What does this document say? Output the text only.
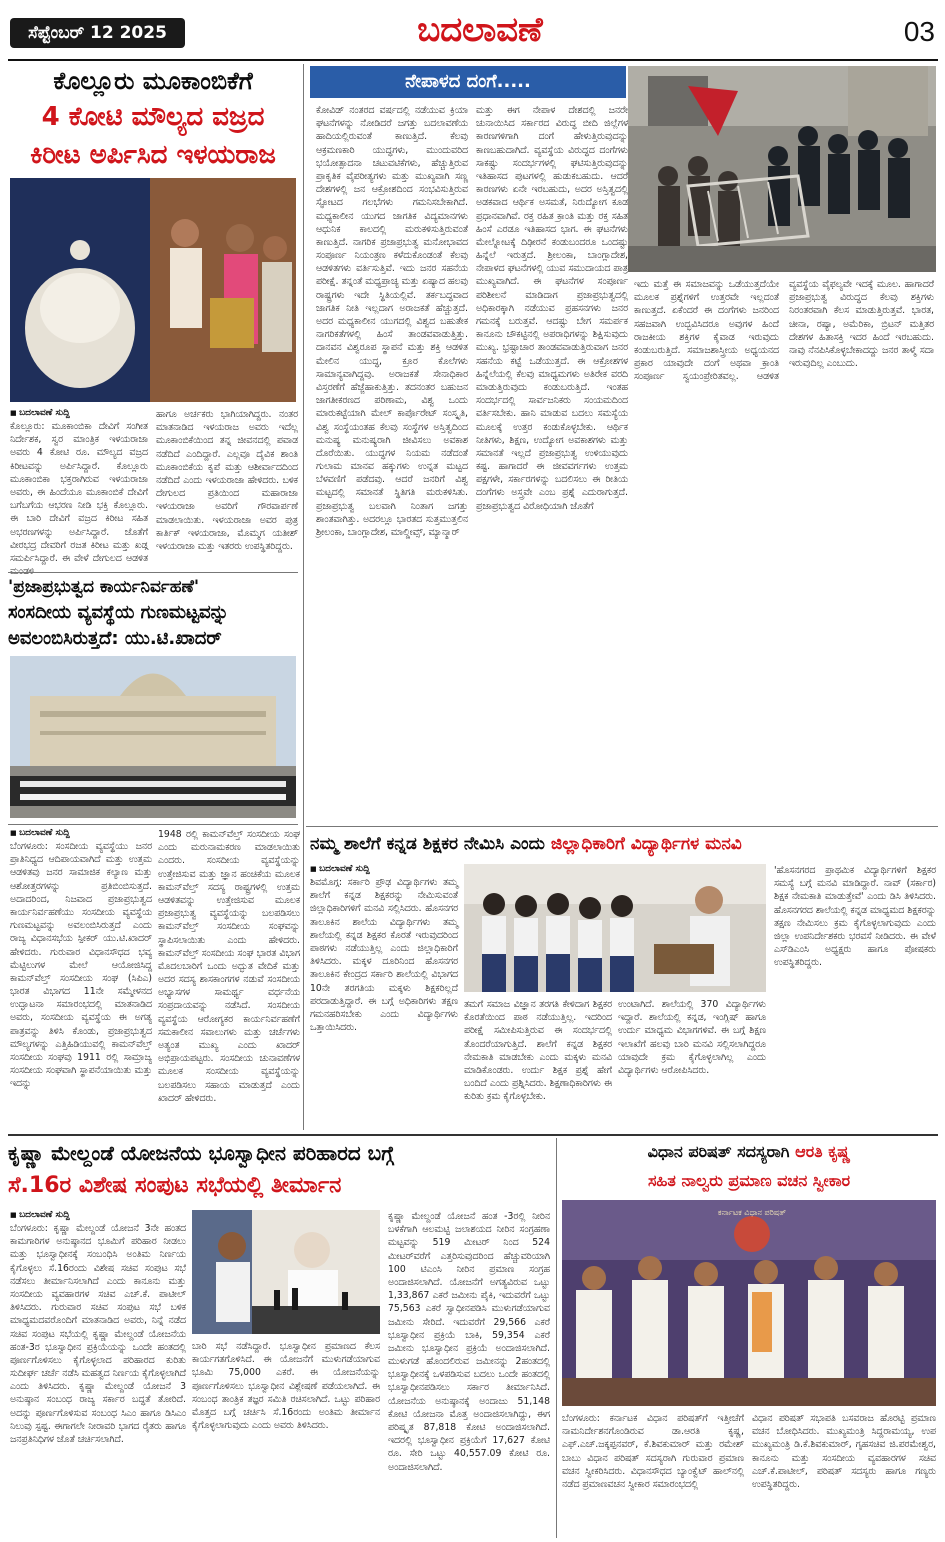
ಸೆಪ್ಟೆಂಬರ್ 12 2025	ಬದಲಾವಣೆ	03
ಕೊಲ್ಲೂರು ಮೂಕಾಂಬಿಕೆಗೆ
4 ಕೋಟಿ ಮೌಲ್ಯದ ವಜ್ರದ
ಕಿರೀಟ ಅರ್ಪಿಸಿದ ಇಳಯರಾಜ
■ ಬದಲಾವಣೆ ಸುದ್ದಿ
ಕೊಲ್ಲೂರು: ಮೂಕಾಂಬಿಕಾ ದೇವಿಗೆ ಸಂಗೀತ ನಿರ್ದೇಶಕ, ಸ್ವರ ಮಾಂತ್ರಿಕ ಇಳಯರಾಜಾ ಅವರು 4 ಕೋಟಿ ರೂ. ಮೌಲ್ಯದ ವಜ್ರದ ಕಿರೀಟವನ್ನು ಅರ್ಪಿಸಿದ್ದಾರೆ. ಕೊಲ್ಲೂರು ಮೂಕಾಂಬಿಕಾ ಭಕ್ತರಾಗಿರುವ ಇಳಯರಾಜಾ ಅವರು, ಈ ಹಿಂದೆಯೂ ಮೂಕಾಂಬಿಕೆ ದೇವಿಗೆ ಬಗೆಬಗೆಯ ಆಭರಣ ನೀಡಿ ಭಕ್ತಿ ಕೊಲ್ಲೂರು. ಈ ಬಾರಿ ದೇವಿಗೆ ವಜ್ರದ ಕಿರೀಟ ಸಹಿತ ಅಭರಣಗಳನ್ನು ಅರ್ಪಿಸಿದ್ದಾರೆ. ಜೊತೆಗೆ ವೀರಭದ್ರ ದೇವರಿಗೆ ರಜತ ಕಿರೀಟ ಮತ್ತು ಖಡ್ಗ ಸಮರ್ಪಿಸಿದ್ದಾರೆ. ಈ ವೇಳೆ ದೇಗುಲದ ಆಡಳಿತ
ಹಾಗೂ ಅರ್ಚಕರು ಭಾಗಿಯಾಗಿದ್ದರು. ನಂತರ ಮಾತನಾಡಿದ ಇಳಯರಾಜ ಅವರು ಇದೆಲ್ಲ ಮೂಕಾಂಬಿಕೆಯಿಂದ ತನ್ನ ಜೀವನದಲ್ಲಿ ಪವಾಡ ನಡೆದಿದೆ ಎಂದಿದ್ದಾರೆ. ಎಲ್ಲವೂ ದೈವಿಕ ಶಾಂತಿ ಮೂಕಾಂಬಿಕೆಯ ಕೃಪೆ ಮತ್ತು ಆಶೀರ್ವಾದದಿಂದ ನಡೆದಿದೆ ಎಂದು ಇಳಯರಾಜಾ ಹೇಳಿದರು. ಬಳಿಕ ದೇಗುಲದ ಪ್ರತಿಯಿಂದ ಮಹಾರಾಜಾ ಇಳಯರಾಜಾ ಅವರಿಗೆ ಗೌರವಾರ್ಪಣೆ ಮಾಡಲಾಯಿತು. ಇಳಯರಾಜಾ ಅವರ ಪುತ್ರ ಕಾರ್ತಿಕ್ ಇಳಯರಾಜಾ, ಮೊಮ್ಮಗ ಯತೀಶ್ ಇಳಯರಾಜಾ ಮತ್ತು ಇತರರು ಉಪಸ್ಥಿತರಿದ್ದರು.
'ಪ್ರಜಾಪ್ರಭುತ್ವದ ಕಾರ್ಯನಿರ್ವಹಣೆ'
ಸಂಸದೀಯ ವ್ಯವಸ್ಥೆಯ ಗುಣಮಟ್ಟವನ್ನು
ಅವಲಂಬಿಸಿರುತ್ತದೆ: ಯು.ಟಿ.ಖಾದರ್
■ ಬದಲಾವಣೆ ಸುದ್ದಿ
ಬೆಂಗಳೂರು: ಸಂಸದೀಯ ವ್ಯವಸ್ಥೆಯು ಜನರ ಪ್ರಾತಿನಿಧ್ಯದ ಆದಿಪಾಯವಾಗಿದೆ ಮತ್ತು ಉತ್ತಮ ಆಡಳಿತವು ಜನರ ಸಾಮಾಜಿಕ ಕಲ್ಯಾಣ ಮತ್ತು ಆಶೋತ್ತರಗಳನ್ನು ಪ್ರತಿಬಿಂಬಿಸುತ್ತದೆ. ಅದಾದರಿಂದ, ನಿಜವಾದ ಪ್ರಜಾಪ್ರಭುತ್ವದ ಕಾರ್ಯನಿರ್ವಹಣೆಯು ಸಂಸದೀಯ ವ್ಯವಸ್ಥೆಯ ಗುಣಮಟ್ಟವನ್ನು ಅವಲಂಬಿಸಿರುತ್ತದೆ ಎಂದು ರಾಜ್ಯ ವಿಧಾನಸಭೆಯ ಸ್ಪೀಕರ್ ಯು.ಟಿ.ಖಾದರ್ ಹೇಳಿದರು. ಗುರುವಾರ ವಿಧಾನಸೌಧದ ಭವ್ಯ ಮೆಟ್ಟಿಲುಗಳ ಮೇಲೆ ಆಯೋಜಿಸಿದ್ದ ಕಾಮನ್‌ವೆಲ್ತ್ ಸಂಸದೀಯ ಸಂಘ (ಸಿಪಿಎ) ಭಾರತ ವಿಭಾಗದ 11ನೇ ಸಮ್ಮೇಳನದ ಉದ್ಘಾಟನಾ ಸಮಾರಂಭದಲ್ಲಿ ಮಾತನಾಡಿದ ಅವರು, ಸಂಸದೀಯ ವ್ಯವಸ್ಥೆಯ ಈ ಅಗತ್ಯ ಪಾತ್ರವನ್ನು ತಿಳಿಸಿ ಕೊಂಡು, ಪ್ರಜಾಪ್ರಭುತ್ವದ ಮೌಲ್ಯಗಳನ್ನು ಎತ್ತಿಹಿಡಿಯುವಲ್ಲಿ ಕಾಮನ್‌ವೆಲ್ತ್ ಸಂಸದೀಯ ಸಂಘವು 1911 ರಲ್ಲಿ ಸಾಮ್ರಾಜ್ಯ ಸಂಸದೀಯ ಸಂಘವಾಗಿ ಸ್ಥಾಪನೆಯಾಯಿತು ಮತ್ತು ಇದನ್ನು
1948 ರಲ್ಲಿ ಕಾಮನ್‌ವೆಲ್ತ್ ಸಂಸದೀಯ ಸಂಘ ಎಂದು ಮರುನಾಮಕರಣ ಮಾಡಲಾಯಿತು ಎಂದರು. ಸಂಸದೀಯ ವ್ಯವಸ್ಥೆಯನ್ನು ಉತ್ತೇಜಿಸುವ ಮತ್ತು ಜ್ಞಾನ ಹಂಚಿಕೆಯ ಮೂಲಕ ಕಾಮನ್‌ವೆಲ್ತ್ ಸದಸ್ಯ ರಾಷ್ಟ್ರಗಳಲ್ಲಿ ಉತ್ತಮ ಆಡಳಿತವನ್ನು ಉತ್ತೇಜಿಸುವ ಮೂಲಕ ಪ್ರಜಾಪ್ರಭುತ್ವ ವ್ಯವಸ್ಥೆಯನ್ನು ಬಲಪಡಿಸಲು ಕಾಮನ್‌ವೆಲ್ತ್ ಸಂಸದೀಯ ಸಂಘವನ್ನು ಸ್ಥಾಪಿಸಲಾಯಿತು ಎಂದು ಹೇಳಿದರು. ಕಾಮನ್‌ವೆಲ್ತ್ ಸಂಸದೀಯ ಸಂಘ ಭಾರತ ವಿಭಾಗ ಮೊದಲಬಾರಿಗೆ ಒಂದು ಅದ್ಭುತ ವೇದಿಕೆ ಮತ್ತು ಅದರ ಸದಸ್ಯ ಶಾಸಕಾಂಗಗಳ ನಡುವೆ ಸಂಸದೀಯ ಅಭ್ಯಾಸಗಳ ಸಾಮರ್ಥ್ಯ ವರ್ಧನೆಯ ಸಂಪ್ರದಾಯವನ್ನು ನಡೆಸಿದೆ. ಸಂಸದೀಯ ವ್ಯವಸ್ಥೆಯ ಆರೋಗ್ಯಕರ ಕಾರ್ಯನಿರ್ವಹಣೆಗೆ ಸಮಕಾಲೀನ ಸವಾಲುಗಳು ಮತ್ತು ಚರ್ಚೆಗಳು ಅತ್ಯಂತ ಮುಖ್ಯ ಎಂದು ಖಾದರ್ ಅಭಿಪ್ರಾಯಪಟ್ಟರು. ಸಂಸದೀಯ ಚುನಾವಣೆಗಳ ಮೂಲಕ ಸಂಸದೀಯ ವ್ಯವಸ್ಥೆಯನ್ನು ಬಲಪಡಿಸಲು ಸಹಾಯ ಮಾಡುತ್ತದೆ ಎಂದು ಖಾದರ್ ಹೇಳಿದರು.
ನೇಪಾಳದ ದಂಗೆ.....
ಕೋವಿಡ್ ನಂತರದ ವರ್ಷದಲ್ಲಿ ನಡೆಯುವ ಕ್ರಿಯಾ ಘಟನೆಗಳನ್ನು ನೋಡಿದರೆ ಜಗತ್ತು ಬದಲಾವಣೆಯ ಹಾದಿಯಲ್ಲಿರುವಂತೆ ಕಾಣುತ್ತಿದೆ. ಕೆಲವು ಆಕ್ರಮಣಕಾರಿ ಯುದ್ಧಗಳು, ಮುಂದುವರಿದ ಭಯೋತ್ಪಾದನಾ ಚಟುವಟಿಕೆಗಳು, ಹೆಚ್ಚುತ್ತಿರುವ ಪ್ರಾಕೃತಿಕ ವೈಪರೀತ್ಯಗಳು ಮತ್ತು ಮುಖ್ಯವಾಗಿ ಸಣ್ಣ ದೇಶಗಳಲ್ಲಿ ಜನ ಆಕ್ರೋಶದಿಂದ ಸಂಭವಿಸುತ್ತಿರುವ ಸ್ಫೋಟದ ಗಲಭೆಗಳು ಗಮನಿಸಬೇಕಾಗಿದೆ. ಮಧ್ಯಕಾಲೀನ ಯುಗದ ಜಾಗತಿಕ ವಿದ್ಯಮಾನಗಳು ಆಧುನಿಕ ಕಾಲದಲ್ಲಿ ಮರುಕಳಿಸುತ್ತಿರುವಂತೆ ಕಾಣುತ್ತಿದೆ. ನಾಗರಿಕ ಪ್ರಜಾಪ್ರಭುತ್ವ ಮನೋಭಾವದ ಸಂಪೂರ್ಣ ನಿಯಂತ್ರಣ ಕಳೆದುಕೊಂಡಂತೆ ಕೆಲವು ಆಡಳಿತಗಳು ವರ್ತಿಸುತ್ತಿವೆ. ಇದು ಜನರ ಸಹನೆಯ ಪರೀಕ್ಷೆ. ತನ್ನಂತೆ ಮಧ್ಯಪ್ರಾಚ್ಯ ಮತ್ತು ಏಷ್ಯಾದ ಹಲವು ರಾಷ್ಟ್ರಗಳು ಇದೇ ಸ್ಥಿತಿಯಲ್ಲಿವೆ. ತರ್ಕಬದ್ಧವಾದ ಜಾಗತಿಕ ನೀತಿ ಇಲ್ಲದಾಗ ಅರಾಜಕತೆ ಹೆಚ್ಚುತ್ತದೆ. ಅದರ ಮಧ್ಯಕಾಲೀನ ಯುಗದಲ್ಲಿ ವಿಶ್ವದ ಬಹುತೇಕ ನಾಗರಿಕತೆಗಳಲ್ಲಿ ಹಿಂಸೆ ತಾಂಡವವಾಡುತ್ತಿತ್ತು. ದಾನವನ ವಿಶ್ವರೂಪ ಸ್ಥಾಪನೆ ಮತ್ತು ಶಕ್ತಿ ಆಡಳಿತ ಮೇಲಿನ ಯುದ್ಧ, ಕ್ರೂರ ಕೊಲೆಗಳು ಸಾಮಾನ್ಯವಾಗಿದ್ದವು. ಅರಾಜಕತೆ ಸೇನಾಧಿಕಾರ ವಿಸ್ತರಣೆಗೆ ಹೆಜ್ಜೆಹಾಕುತ್ತಿತ್ತು. ತದನಂತರ ಬಹುಜನ ಜಾಗತೀಕರಣದ ಪರಿಣಾಮ, ವಿಶ್ವ ಒಂದು ಮಾರುಕಟ್ಟೆಯಾಗಿ ಮೇಲ್ ಕಾರ್ಪೊರೇಟ್ ಸಂಸ್ಕೃತಿ, ವಿಶ್ವ ಸಂಸ್ಥೆಯಂತಹ ಕೆಲವು ಸಂಸ್ಥೆಗಳ ಅಸ್ತಿತ್ವದಿಂದ ಮನುಷ್ಯ ಮನುಷ್ಯರಾಗಿ ಜೀವಿಸಲು ಅವಕಾಶ ದೊರೆಯಿತು. ಯುದ್ಧಗಳ ನಿಯಮ ನಡೆದಂತೆ ಗುಲಾಮ ಮಾನವ ಹಕ್ಕುಗಳು ಉನ್ನತ ಮಟ್ಟದ ಬೆಳವಣಿಗೆ ಪಡೆದವು. ಆದರೆ ಜನರಿಗೆ ವಿಶ್ವ ಮಟ್ಟದಲ್ಲಿ ಸಮಾನತೆ ಸ್ಥಿತಿಗತಿ ಮರುಕಳಿಸಿತು. ಪ್ರಜಾಪ್ರಭುತ್ವ ಬಲವಾಗಿ ನಿಂತಾಗ ಜಗತ್ತು ಶಾಂತವಾಗಿತ್ತು. ಅದರಲ್ಲೂ ಭಾರತದ ಸುತ್ತಮುತ್ತಲಿನ ಶ್ರೀಲಂಕಾ, ಬಾಂಗ್ಲಾದೇಶ, ಮಾಲ್ಡೀವ್ಸ್, ಮ್ಯಾನ್ಮಾರ್
ಮತ್ತು ಈಗ ನೇಪಾಳ ದೇಶದಲ್ಲಿ ಜನರೇ ಚುನಾಯಿಸಿದ ಸರ್ಕಾರದ ವಿರುದ್ಧ ಬೀದಿ ಜಿಲ್ಲೆಗಳ ಕಾರಣಗಳಿಗಾಗಿ ದಂಗೆ ಹೇಳುತ್ತಿರುವುದನ್ನು ಕಾಣಬಹುದಾಗಿದೆ. ವ್ಯವಸ್ಥೆಯ ವಿರುದ್ಧದ ದಂಗೆಗಳು ಸಾಕಷ್ಟು ಸಂದರ್ಭಗಳಲ್ಲಿ ಘಟಿಸುತ್ತಿರುವುದನ್ನು ಇತಿಹಾಸದ ಪುಟಗಳಲ್ಲಿ ಹುಡುಕಬಹುದು. ಆದರೆ ಕಾರಣಗಳು ಏನೇ ಇರಬಹುದು, ಅದರ ಅಸ್ತಿತ್ವದಲ್ಲಿ ಅಡಕವಾದ ಆರ್ಥಿಕ ಅಸಮತೆ, ನಿರುದ್ಯೋಗ ಕೂಡ ಪ್ರಧಾನವಾಗಿವೆ. ರಕ್ತ ರಹಿತ ಕ್ರಾಂತಿ ಮತ್ತು ರಕ್ತ ಸಹಿತ ಹಿಂಸೆ ಎರಡೂ ಇತಿಹಾಸದ ಭಾಗ. ಈ ಘಟನೆಗಳು ಮೇಲ್ನೋಟಕ್ಕೆ ದಿಢೀರನೆ ಕಂಡುಬಂದರೂ ಒಂದಷ್ಟು ಹಿನ್ನೆಲೆ ಇರುತ್ತದೆ. ಶ್ರೀಲಂಕಾ, ಬಾಂಗ್ಲಾದೇಶ, ನೇಪಾಳದ ಘಟನೆಗಳಲ್ಲಿ ಯುವ ಸಮುದಾಯದ ಪಾತ್ರ ಮುಖ್ಯವಾಗಿದೆ. ಈ ಘಟನೆಗಳ ಸಂಪೂರ್ಣ ಪರಿಶೀಲನೆ ಮಾಡಿದಾಗ ಪ್ರಜಾಪ್ರಭುತ್ವದಲ್ಲಿ ಅಧಿಕಾರಕ್ಕಾಗಿ ನಡೆಯುವ ಪ್ರಹಸನಗಳು ಜನರ ಗಮನಕ್ಕೆ ಬರುತ್ತವೆ. ಆದಷ್ಟು ಬೇಗ ಸಮರ್ಪಕ ಕಾನೂನು ಚೌಕಟ್ಟಿನಲ್ಲಿ ಅಪರಾಧಿಗಳನ್ನು ಶಿಕ್ಷಿಸುವುದು ಮುಖ್ಯ. ಭ್ರಷ್ಟಾಚಾರ ತಾಂಡವವಾಡುತ್ತಿರುವಾಗ ಜನರ ಸಹನೆಯ ಕಟ್ಟೆ ಒಡೆಯುತ್ತದೆ. ಈ ಆಕ್ರೋಶಗಳ ಹಿನ್ನೆಲೆಯಲ್ಲಿ ಕೆಲವು ಮಾಧ್ಯಮಗಳು ಅತಿರೇಕ ವರದಿ ಮಾಡುತ್ತಿರುವುದು ಕಂಡುಬರುತ್ತಿದೆ. ಇಂತಹ ಸಂದರ್ಭದಲ್ಲಿ ಸಾರ್ವಜನಿಕರು ಸಂಯಮದಿಂದ ವರ್ತಿಸಬೇಕು. ಹಾನಿ ಮಾಡುವ ಬದಲು ಸಮಸ್ಯೆಯ ಮೂಲಕ್ಕೆ ಉತ್ತರ ಕಂಡುಕೊಳ್ಳಬೇಕು. ಆರ್ಥಿಕ ನೀತಿಗಳು, ಶಿಕ್ಷಣ, ಉದ್ಯೋಗ ಅವಕಾಶಗಳು ಮತ್ತು ಸಮಾನತೆ ಇಲ್ಲದೆ ಪ್ರಜಾಪ್ರಭುತ್ವ ಉಳಿಯುವುದು ಕಷ್ಟ. ಹಾಗಾದರೆ ಈ ಜೀವವರ್ಗಗಳು ಉತ್ತಮ ಪಕ್ಷಗಳೇ, ಸರ್ಕಾರಗಳನ್ನು ಬದಲಿಸಲು ಈ ರೀತಿಯ ದಂಗೆಗಳು ಅಸ್ತ್ರವೇ ಎಂಬ ಪ್ರಶ್ನೆ ಎದುರಾಗುತ್ತದೆ. ಪ್ರಜಾಪ್ರಭುತ್ವದ ವಿರೋಧಿಯಾಗಿ ಜೊತೆಗೆ
ಇದು ಮತ್ತೆ ಈ ಸಮಾಜವನ್ನು ಒಡೆಯುತ್ತದೆಯೇ ಮೂಲಕ ಪ್ರಶ್ನೆಗಳಿಗೆ ಉತ್ತರವೇ ಇಲ್ಲದಂತೆ ಕಾಣುತ್ತದೆ. ಏಕೆಂದರೆ ಈ ದಂಗೆಗಳು ಜನರಿಂದ ಸಹಜವಾಗಿ ಉದ್ಭವಿಸಿದರೂ ಅವುಗಳ ಹಿಂದೆ ರಾಜಕೀಯ ಶಕ್ತಿಗಳ ಕೈವಾಡ ಇರುವುದು ಕಂಡುಬರುತ್ತಿದೆ. ಸಮಾಜಶಾಸ್ತ್ರೀಯ ಅಧ್ಯಯನದ ಪ್ರಕಾರ ಯಾವುದೇ ದಂಗೆ ಅಥವಾ ಕ್ರಾಂತಿ ಸಂಪೂರ್ಣ ಸ್ವಯಂಪ್ರೇರಿತವಲ್ಲ. ಆಡಳಿತ ವ್ಯವಸ್ಥೆಯ ವೈಫಲ್ಯವೇ ಇದಕ್ಕೆ ಮೂಲ. ಹಾಗಾದರೆ ಪ್ರಜಾಪ್ರಭುತ್ವ ವಿರುದ್ಧದ ಕೆಲವು ಶಕ್ತಿಗಳು ನಿರಂತರವಾಗಿ ಕೆಲಸ ಮಾಡುತ್ತಿರುತ್ತವೆ. ಭಾರತ, ಚೀನಾ, ರಷ್ಯಾ, ಅಮೆರಿಕಾ, ಬ್ರಿಟನ್ ಮತ್ತಿತರ ದೇಶಗಳ ಹಿತಾಸಕ್ತಿ ಇದರ ಹಿಂದೆ ಇರಬಹುದು. ನಾವು ನೆನಪಿಸಿಕೊಳ್ಳಬೇಕಾದದ್ದು ಜನರ ತಾಳ್ಮೆ ಸದಾ ಇರುವುದಿಲ್ಲ ಎಂಬುದು.
ನಮ್ಮ ಶಾಲೆಗೆ ಕನ್ನಡ ಶಿಕ್ಷಕರ ನೇಮಿಸಿ ಎಂದು ಜಿಲ್ಲಾಧಿಕಾರಿಗೆ ವಿದ್ಯಾರ್ಥಿಗಳ ಮನವಿ
■ ಬದಲಾವಣೆ ಸುದ್ದಿ
ಶಿವಮೊಗ್ಗ: ಸರ್ಕಾರಿ ಪ್ರೌಢ ವಿದ್ಯಾರ್ಥಿಗಳು ತಮ್ಮ ಶಾಲೆಗೆ ಕನ್ನಡ ಶಿಕ್ಷಕರನ್ನು ನೇಮಿಸುವಂತೆ ಜಿಲ್ಲಾಧಿಕಾರಿಗಳಿಗೆ ಮನವಿ ಸಲ್ಲಿಸಿದರು. ಹೊಸನಗರ ತಾಲೂಕಿನ ಶಾಲೆಯ ವಿದ್ಯಾರ್ಥಿಗಳು ತಮ್ಮ ಶಾಲೆಯಲ್ಲಿ ಕನ್ನಡ ಶಿಕ್ಷಕರ ಕೊರತೆ ಇರುವುದರಿಂದ ಪಾಠಗಳು ನಡೆಯುತ್ತಿಲ್ಲ ಎಂದು ಜಿಲ್ಲಾಧಿಕಾರಿಗೆ ತಿಳಿಸಿದರು. ಮಕ್ಕಳ ದೂರಿನಿಂದ ಹೊಸನಗರ ತಾಲೂಕಿನ ಕೇಂದ್ರದ ಸರ್ಕಾರಿ ಶಾಲೆಯಲ್ಲಿ ವಿಭಾಗದ 10ನೇ ತರಗತಿಯ ಮಕ್ಕಳು ಶಿಕ್ಷಕರಿಲ್ಲದೆ ಪರದಾಡುತ್ತಿದ್ದಾರೆ. ಈ ಬಗ್ಗೆ ಅಧಿಕಾರಿಗಳು ತಕ್ಷಣ ಗಮನಹರಿಸಬೇಕು ಎಂದು ವಿದ್ಯಾರ್ಥಿಗಳು ಒತ್ತಾಯಿಸಿದರು.
ತಮಗೆ ಸಮಾಜ ವಿಜ್ಞಾನ ತರಗತಿ ಕೇಳಿದಾಗ ಶಿಕ್ಷಕರ ಕೊರತೆಯಿಂದ ಪಾಠ ನಡೆಯುತ್ತಿಲ್ಲ. ಇದರಿಂದ ಪರೀಕ್ಷೆ ಸಮೀಪಿಸುತ್ತಿರುವ ಈ ಸಂದರ್ಭದಲ್ಲಿ ತೊಂದರೆಯಾಗುತ್ತಿದೆ. ಶಾಲೆಗೆ ಕನ್ನಡ ಶಿಕ್ಷಕರ ನೇಮಕಾತಿ ಮಾಡಬೇಕು ಎಂದು ಮಕ್ಕಳು ಮನವಿ ಮಾಡಿಕೊಂಡರು. ಉರ್ದು ಶಿಕ್ಷಕ ಪ್ರಶ್ನೆ ಹೇಗೆ ಬಂದಿದೆ ಎಂದು ಪ್ರಶ್ನಿಸಿದರು. ಶಿಕ್ಷಣಾಧಿಕಾರಿಗಳು ಈ ಕುರಿತು ಕ್ರಮ ಕೈಗೊಳ್ಳಬೇಕು.
ಉಂಟಾಗಿದೆ. ಶಾಲೆಯಲ್ಲಿ 370 ವಿದ್ಯಾರ್ಥಿಗಳು ಇದ್ದಾರೆ. ಶಾಲೆಯಲ್ಲಿ ಕನ್ನಡ, ಇಂಗ್ಲಿಷ್ ಹಾಗೂ ಉರ್ದು ಮಾಧ್ಯಮ ವಿಭಾಗಗಳಿವೆ. ಈ ಬಗ್ಗೆ ಶಿಕ್ಷಣ ಇಲಾಖೆಗೆ ಹಲವು ಬಾರಿ ಮನವಿ ಸಲ್ಲಿಸಲಾಗಿದ್ದರೂ ಯಾವುದೇ ಕ್ರಮ ಕೈಗೊಳ್ಳಲಾಗಿಲ್ಲ ಎಂದು ವಿದ್ಯಾರ್ಥಿಗಳು ಆರೋಪಿಸಿದರು.
'ಹೊಸನಗರದ ಪ್ರಾಥಮಿಕ ವಿದ್ಯಾರ್ಥಿಗಳಿಗೆ ಶಿಕ್ಷಕರ ಸಮಸ್ಯೆ ಬಗ್ಗೆ ಮನವಿ ಮಾಡಿದ್ದಾರೆ. ನಾವ್ (ಸರ್ಕಾರ) ಶಿಕ್ಷಕ ನೇಮಕಾತಿ ಮಾಡುತ್ತೇವೆ' ಎಂದು ಡಿಸಿ ತಿಳಿಸಿದರು. ಹೊಸನಗರದ ಶಾಲೆಯಲ್ಲಿ ಕನ್ನಡ ಮಾಧ್ಯಮದ ಶಿಕ್ಷಕರನ್ನು ತಕ್ಷಣ ನೇಮಿಸಲು ಕ್ರಮ ಕೈಗೊಳ್ಳಲಾಗುವುದು ಎಂದು ಜಿಲ್ಲಾ ಉಪನಿರ್ದೇಶಕರು ಭರವಸೆ ನೀಡಿದರು. ಈ ವೇಳೆ ಎಸ್‌ಡಿಎಂಸಿ ಅಧ್ಯಕ್ಷರು ಹಾಗೂ ಪೋಷಕರು ಉಪಸ್ಥಿತರಿದ್ದರು.
ಕೃಷ್ಣಾ ಮೇಲ್ದಂಡೆ ಯೋಜನೆಯ ಭೂಸ್ವಾಧೀನ ಪರಿಹಾರದ ಬಗ್ಗೆ
ಸೆ.16ರ ವಿಶೇಷ ಸಂಪುಟ ಸಭೆಯಲ್ಲಿ ತೀರ್ಮಾನ
■ ಬದಲಾವಣೆ ಸುದ್ದಿ
ಬೆಂಗಳೂರು: ಕೃಷ್ಣಾ ಮೇಲ್ದಂಡೆ ಯೋಜನೆ 3ನೇ ಹಂತದ ಕಾಮಗಾರಿಗಳ ಅನುಷ್ಠಾನದ ಭೂಮಿಗೆ ಪರಿಹಾರ ನೀಡಲು ಮತ್ತು ಭೂಸ್ವಾಧೀನಕ್ಕೆ ಸಂಬಂಧಿಸಿ ಅಂತಿಮ ನಿರ್ಣಯ ಕೈಗೊಳ್ಳಲು ಸೆ.16ರಂದು ವಿಶೇಷ ಸಚಿವ ಸಂಪುಟ ಸಭೆ ನಡೆಸಲು ತೀರ್ಮಾನಿಸಲಾಗಿದೆ ಎಂದು ಕಾನೂನು ಮತ್ತು ಸಂಸದೀಯ ವ್ಯವಹಾರಗಳ ಸಚಿವ ಎಚ್.ಕೆ. ಪಾಟೀಲ್ ತಿಳಿಸಿದರು. ಗುರುವಾರ ಸಚಿವ ಸಂಪುಟ ಸಭೆ ಬಳಿಕ ಮಾಧ್ಯಮದವರೊಂದಿಗೆ ಮಾತನಾಡಿದ ಅವರು, ನಿನ್ನೆ ನಡೆದ ಸಚಿವ ಸಂಪುಟ ಸಭೆಯಲ್ಲಿ ಕೃಷ್ಣಾ ಮೇಲ್ದಂಡೆ ಯೋಜನೆಯ ಹಂತ-3ರ ಭೂಸ್ವಾಧೀನ ಪ್ರಕ್ರಿಯೆಯನ್ನು ಒಂದೇ ಹಂತದಲ್ಲಿ ಪೂರ್ಣಗೊಳಿಸಲು ಕೈಗೊಳ್ಳಲಾದ ಪರಿಹಾರದ ಕುರಿತು ಸುದೀರ್ಘ ಚರ್ಚೆ ನಡೆಸಿ ಮಹತ್ವದ ನಿರ್ಣಯ ಕೈಗೊಳ್ಳಲಾಗಿದೆ ಎಂದು ತಿಳಿಸಿದರು. ಕೃಷ್ಣಾ ಮೇಲ್ದಂಡೆ ಯೋಜನೆ 3 ಅನುಷ್ಠಾನ ಸಂಬಂಧ ರಾಜ್ಯ ಸರ್ಕಾರ ಬದ್ಧತೆ ತೋರಿದೆ. ಅದನ್ನು ಪೂರ್ಣಗೊಳಿಸುವ ಸಂಬಂಧ ಸಿಎಂ ಹಾಗೂ ಡಿಸಿಎಂ ನಿಲುವು ಸ್ಪಷ್ಟ. ಈಗಾಗಲೇ ನೀರಾವರಿ ಭಾಗದ ರೈತರು ಹಾಗೂ ಜನಪ್ರತಿನಿಧಿಗಳ ಜೊತೆ ಚರ್ಚಿಸಲಾಗಿದೆ.
ಬಾರಿ ಸಭೆ ನಡೆಸಿದ್ದಾರೆ. ಭೂಸ್ವಾಧೀನ ಪ್ರಮಾಣದ ಕೆಲಸ ಕಾರ್ಯಗತಗೊಳಿಸಿದೆ. ಈ ಯೋಜನೆಗೆ ಮುಳುಗಡೆಯಾಗುವ ಭೂಮಿ 75,000 ಎಕರೆ. ಈ ಯೋಜನೆಯನ್ನು ಪೂರ್ಣಗೊಳಿಸಲು ಭೂಸ್ವಾಧೀನ ವಿಶ್ಲೇಷಣೆ ಪಡೆಯಲಾಗಿದೆ. ಈ ಸಂಬಂಧ ತಾಂತ್ರಿಕ ತಜ್ಞರ ಸಮಿತಿ ರಚಿಸಲಾಗಿದೆ. ಒಟ್ಟು ಪರಿಹಾರ ಮೊತ್ತದ ಬಗ್ಗೆ ಚರ್ಚಿಸಿ ಸೆ.16ರಂದು ಅಂತಿಮ ತೀರ್ಮಾನ ಕೈಗೊಳ್ಳಲಾಗುವುದು ಎಂದು ಅವರು ತಿಳಿಸಿದರು.
ಕೃಷ್ಣಾ ಮೇಲ್ದಂಡೆ ಯೋಜನೆ ಹಂತ -3ರಲ್ಲಿ ನೀರಿನ ಬಳಕೆಗಾಗಿ ಆಲಮಟ್ಟಿ ಜಲಾಶಯದ ನೀರಿನ ಸಂಗ್ರಹಣಾ ಮಟ್ಟವನ್ನು 519 ಮೀಟರ್ ನಿಂದ 524 ಮೀಟರ್‌ವರೆಗೆ ಎತ್ತರಿಸುವುದರಿಂದ ಹೆಚ್ಚುವರಿಯಾಗಿ 100 ಟಿಎಂಸಿ ನೀರಿನ ಪ್ರಮಾಣ ಸಂಗ್ರಹ ಅಂದಾಜಿಸಲಾಗಿದೆ. ಯೋಜನೆಗೆ ಅಗತ್ಯವಿರುವ ಒಟ್ಟು 1,33,867 ಎಕರೆ ಜಮೀನು ಪೈಕಿ, ಇದುವರೆಗೆ ಒಟ್ಟು 75,563 ಎಕರೆ ಸ್ವಾಧೀನಪಡಿಸಿ ಮುಳುಗಡೆಯಾಗುವ ಜಮೀನು ಸೇರಿದೆ. ಇದುವರೆಗೆ 29,566 ಎಕರೆ ಭೂಸ್ವಾಧೀನ ಪ್ರಕ್ರಿಯೆ ಬಾಕಿ, 59,354 ಎಕರೆ ಜಮೀನು ಭೂಸ್ವಾಧೀನ ಪ್ರಕ್ರಿಯೆ ಅಂದಾಜಿಸಲಾಗಿದೆ. ಮುಳುಗಡೆ ಹೊಂದಲಿರುವ ಜಮೀನನ್ನು 2ಹಂತದಲ್ಲಿ ಭೂಸ್ವಾಧೀನಕ್ಕೆ ಒಳಪಡಿಸುವ ಬದಲು ಒಂದೇ ಹಂತದಲ್ಲಿ ಭೂಸ್ವಾಧೀನಪಡಿಸಲು ಸರ್ಕಾರ ತೀರ್ಮಾನಿಸಿದೆ. ಯೋಜನೆಯ ಅನುಷ್ಠಾನಕ್ಕೆ ಅಂದಾಜು 51,148 ಕೋಟಿ ಯೋಜನಾ ಮೊತ್ತ ಅಂದಾಜಿಸಲಾಗಿದ್ದು, ಈಗ ಪರಿಷ್ಕೃತ 87,818 ಕೋಟಿ ಅಂದಾಜಿಸಲಾಗಿದೆ. ಇದರಲ್ಲಿ ಭೂಸ್ವಾಧೀನ ಪ್ರಕ್ರಿಯೆಗೆ 17,627 ಕೋಟಿ ರೂ. ಸೇರಿ ಒಟ್ಟು 40,557.09 ಕೋಟಿ ರೂ. ಅಂದಾಜಿಸಲಾಗಿದೆ.
ವಿಧಾನ ಪರಿಷತ್ ಸದಸ್ಯರಾಗಿ ಆರತಿ ಕೃಷ್ಣ
ಸಹಿತ ನಾಲ್ವರು ಪ್ರಮಾಣ ವಚನ ಸ್ವೀಕಾರ
ಕರ್ನಾಟಕ ವಿಧಾನ ಪರಿಷತ್
ಬೆಂಗಳೂರು: ಕರ್ನಾಟಕ ವಿಧಾನ ಪರಿಷತ್‌ಗೆ ಇತ್ತೀಚೆಗೆ ನಾಮನಿರ್ದೇಶನಗೊಂಡಿರುವ ಡಾ.ಆರತಿ ಕೃಷ್ಣ, ಎಫ್.ಎಚ್.ಜಕ್ಕಪ್ಪನವರ್, ಕೆ.ಶಿವಕುಮಾರ್ ಮತ್ತು ರಮೇಶ್ ಬಾಬು ವಿಧಾನ ಪರಿಷತ್ ಸದಸ್ಯರಾಗಿ ಗುರುವಾರ ಪ್ರಮಾಣ ವಚನ ಸ್ವೀಕರಿಸಿದರು. ವಿಧಾನಸೌಧದ ಬ್ಯಾಂಕ್ವೆಟ್ ಹಾಲ್‌ನಲ್ಲಿ ನಡೆದ ಪ್ರಮಾಣವಚನ ಸ್ವೀಕಾರ ಸಮಾರಂಭದಲ್ಲಿ
ವಿಧಾನ ಪರಿಷತ್ ಸಭಾಪತಿ ಬಸವರಾಜ ಹೊರಟ್ಟಿ ಪ್ರಮಾಣ ವಚನ ಬೋಧಿಸಿದರು. ಮುಖ್ಯಮಂತ್ರಿ ಸಿದ್ದರಾಮಯ್ಯ, ಉಪ ಮುಖ್ಯಮಂತ್ರಿ ಡಿ.ಕೆ.ಶಿವಕುಮಾರ್, ಗೃಹಸಚಿವ ಜಿ.ಪರಮೇಶ್ವರ, ಕಾನೂನು ಮತ್ತು ಸಂಸದೀಯ ವ್ಯವಹಾರಗಳ ಸಚಿವ ಎಚ್.ಕೆ.ಪಾಟೀಲ್, ಪರಿಷತ್ ಸದಸ್ಯರು ಹಾಗೂ ಗಣ್ಯರು ಉಪಸ್ಥಿತರಿದ್ದರು.
